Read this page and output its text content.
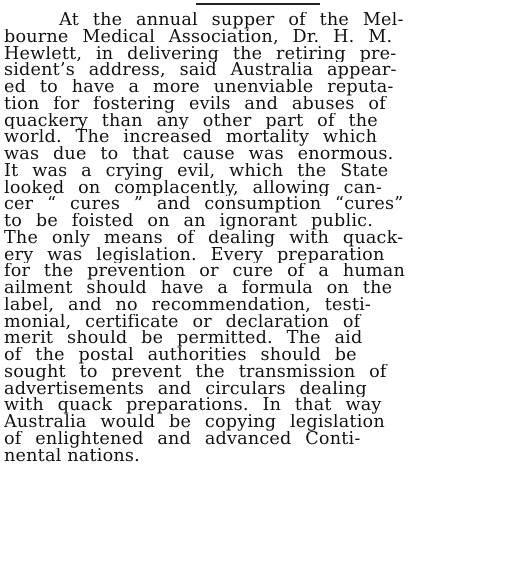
At the annual supper of the Mel-
bourne Medical Association, Dr. H. M.
Hewlett, in delivering the retiring pre-
sident’s address, said Australia appear-
ed to have a more unenviable reputa-
tion for fostering evils and abuses of
quackery than any other part of the
world. The increased mortality which
was due to that cause was enormous.
It was a crying evil, which the State
looked on complacently, allowing can-
cer “ cures ” and consumption “cures”
to be foisted on an ignorant public.
The only means of dealing with quack-
ery was legislation. Every preparation
for the prevention or cure of a human
ailment should have a formula on the
label, and no recommendation, testi-
monial, certificate or declaration of
merit should be permitted. The aid
of the postal authorities should be
sought to prevent the transmission of
advertisements and circulars dealing
with quack preparations. In that way
Australia would be copying legislation
of enlightened and advanced Conti-
nental nations.
